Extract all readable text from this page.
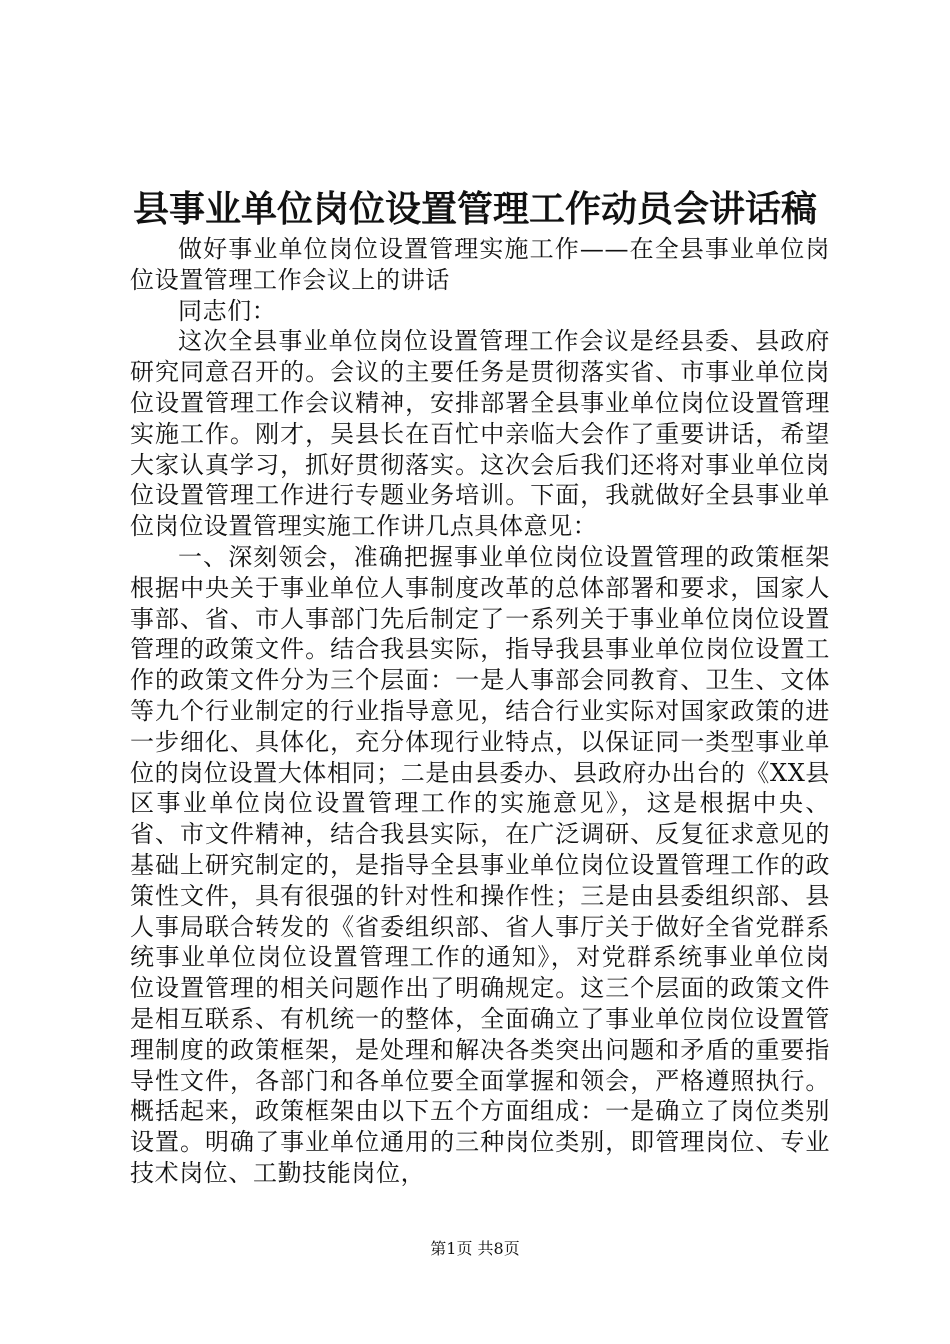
县事业单位岗位设置管理工作动员会讲话稿

做好事业单位岗位设置管理实施工作——在全县事业单位岗位设置管理工作会议上的讲话

同志们：

这次全县事业单位岗位设置管理工作会议是经县委、县政府研究同意召开的。会议的主要任务是贯彻落实省、市事业单位岗位设置管理工作会议精神，安排部署全县事业单位岗位设置管理实施工作。刚才，吴县长在百忙中亲临大会作了重要讲话，希望大家认真学习，抓好贯彻落实。这次会后我们还将对事业单位岗位设置管理工作进行专题业务培训。下面，我就做好全县事业单位岗位设置管理实施工作讲几点具体意见：

一、深刻领会，准确把握事业单位岗位设置管理的政策框架根据中央关于事业单位人事制度改革的总体部署和要求，国家人事部、省、市人事部门先后制定了一系列关于事业单位岗位设置管理的政策文件。结合我县实际，指导我县事业单位岗位设置工作的政策文件分为三个层面：一是人事部会同教育、卫生、文体等九个行业制定的行业指导意见，结合行业实际对国家政策的进一步细化、具体化，充分体现行业特点，以保证同一类型事业单位的岗位设置大体相同；二是由县委办、县政府办出台的《XX县区事业单位岗位设置管理工作的实施意见》，这是根据中央、省、市文件精神，结合我县实际，在广泛调研、反复征求意见的基础上研究制定的，是指导全县事业单位岗位设置管理工作的政策性文件，具有很强的针对性和操作性；三是由县委组织部、县人事局联合转发的《省委组织部、省人事厅关于做好全省党群系统事业单位岗位设置管理工作的通知》，对党群系统事业单位岗位设置管理的相关问题作出了明确规定。这三个层面的政策文件是相互联系、有机统一的整体，全面确立了事业单位岗位设置管理制度的政策框架，是处理和解决各类突出问题和矛盾的重要指导性文件，各部门和各单位要全面掌握和领会，严格遵照执行。概括起来，政策框架由以下五个方面组成：一是确立了岗位类别设置。明确了事业单位通用的三种岗位类别，即管理岗位、专业技术岗位、工勤技能岗位，

第1页 共8页
